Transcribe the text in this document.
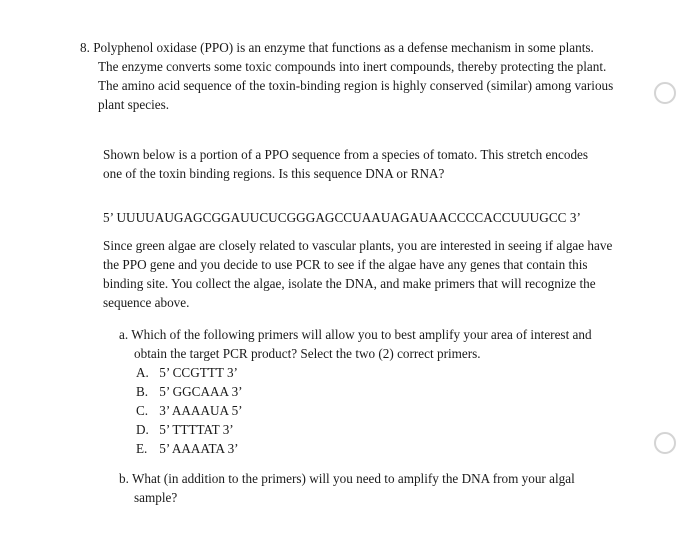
8. Polyphenol oxidase (PPO) is an enzyme that functions as a defense mechanism in some plants.
The enzyme converts some toxic compounds into inert compounds, thereby protecting the plant.
The amino acid sequence of the toxin-binding region is highly conserved (similar) among various
plant species.
Shown below is a portion of a PPO sequence from a species of tomato. This stretch encodes
one of the toxin binding regions. Is this sequence DNA or RNA?
5’ UUUUAUGAGCGGAUUCUCGGGAGCCUAAUAGAUAACCCCACCUUUGCC 3’
Since green algae are closely related to vascular plants, you are interested in seeing if algae have
the PPO gene and you decide to use PCR to see if the algae have any genes that contain this
binding site. You collect the algae, isolate the DNA, and make primers that will recognize the
sequence above.
a. Which of the following primers will allow you to best amplify your area of interest and
obtain the target PCR product? Select the two (2) correct primers.
A. 5’ CCGTTT 3’
B. 5’ GGCAAA 3’
C. 3’ AAAAUA 5’
D. 5’ TTTTAT 3’
E. 5’ AAAATA 3’
b. What (in addition to the primers) will you need to amplify the DNA from your algal
sample?
